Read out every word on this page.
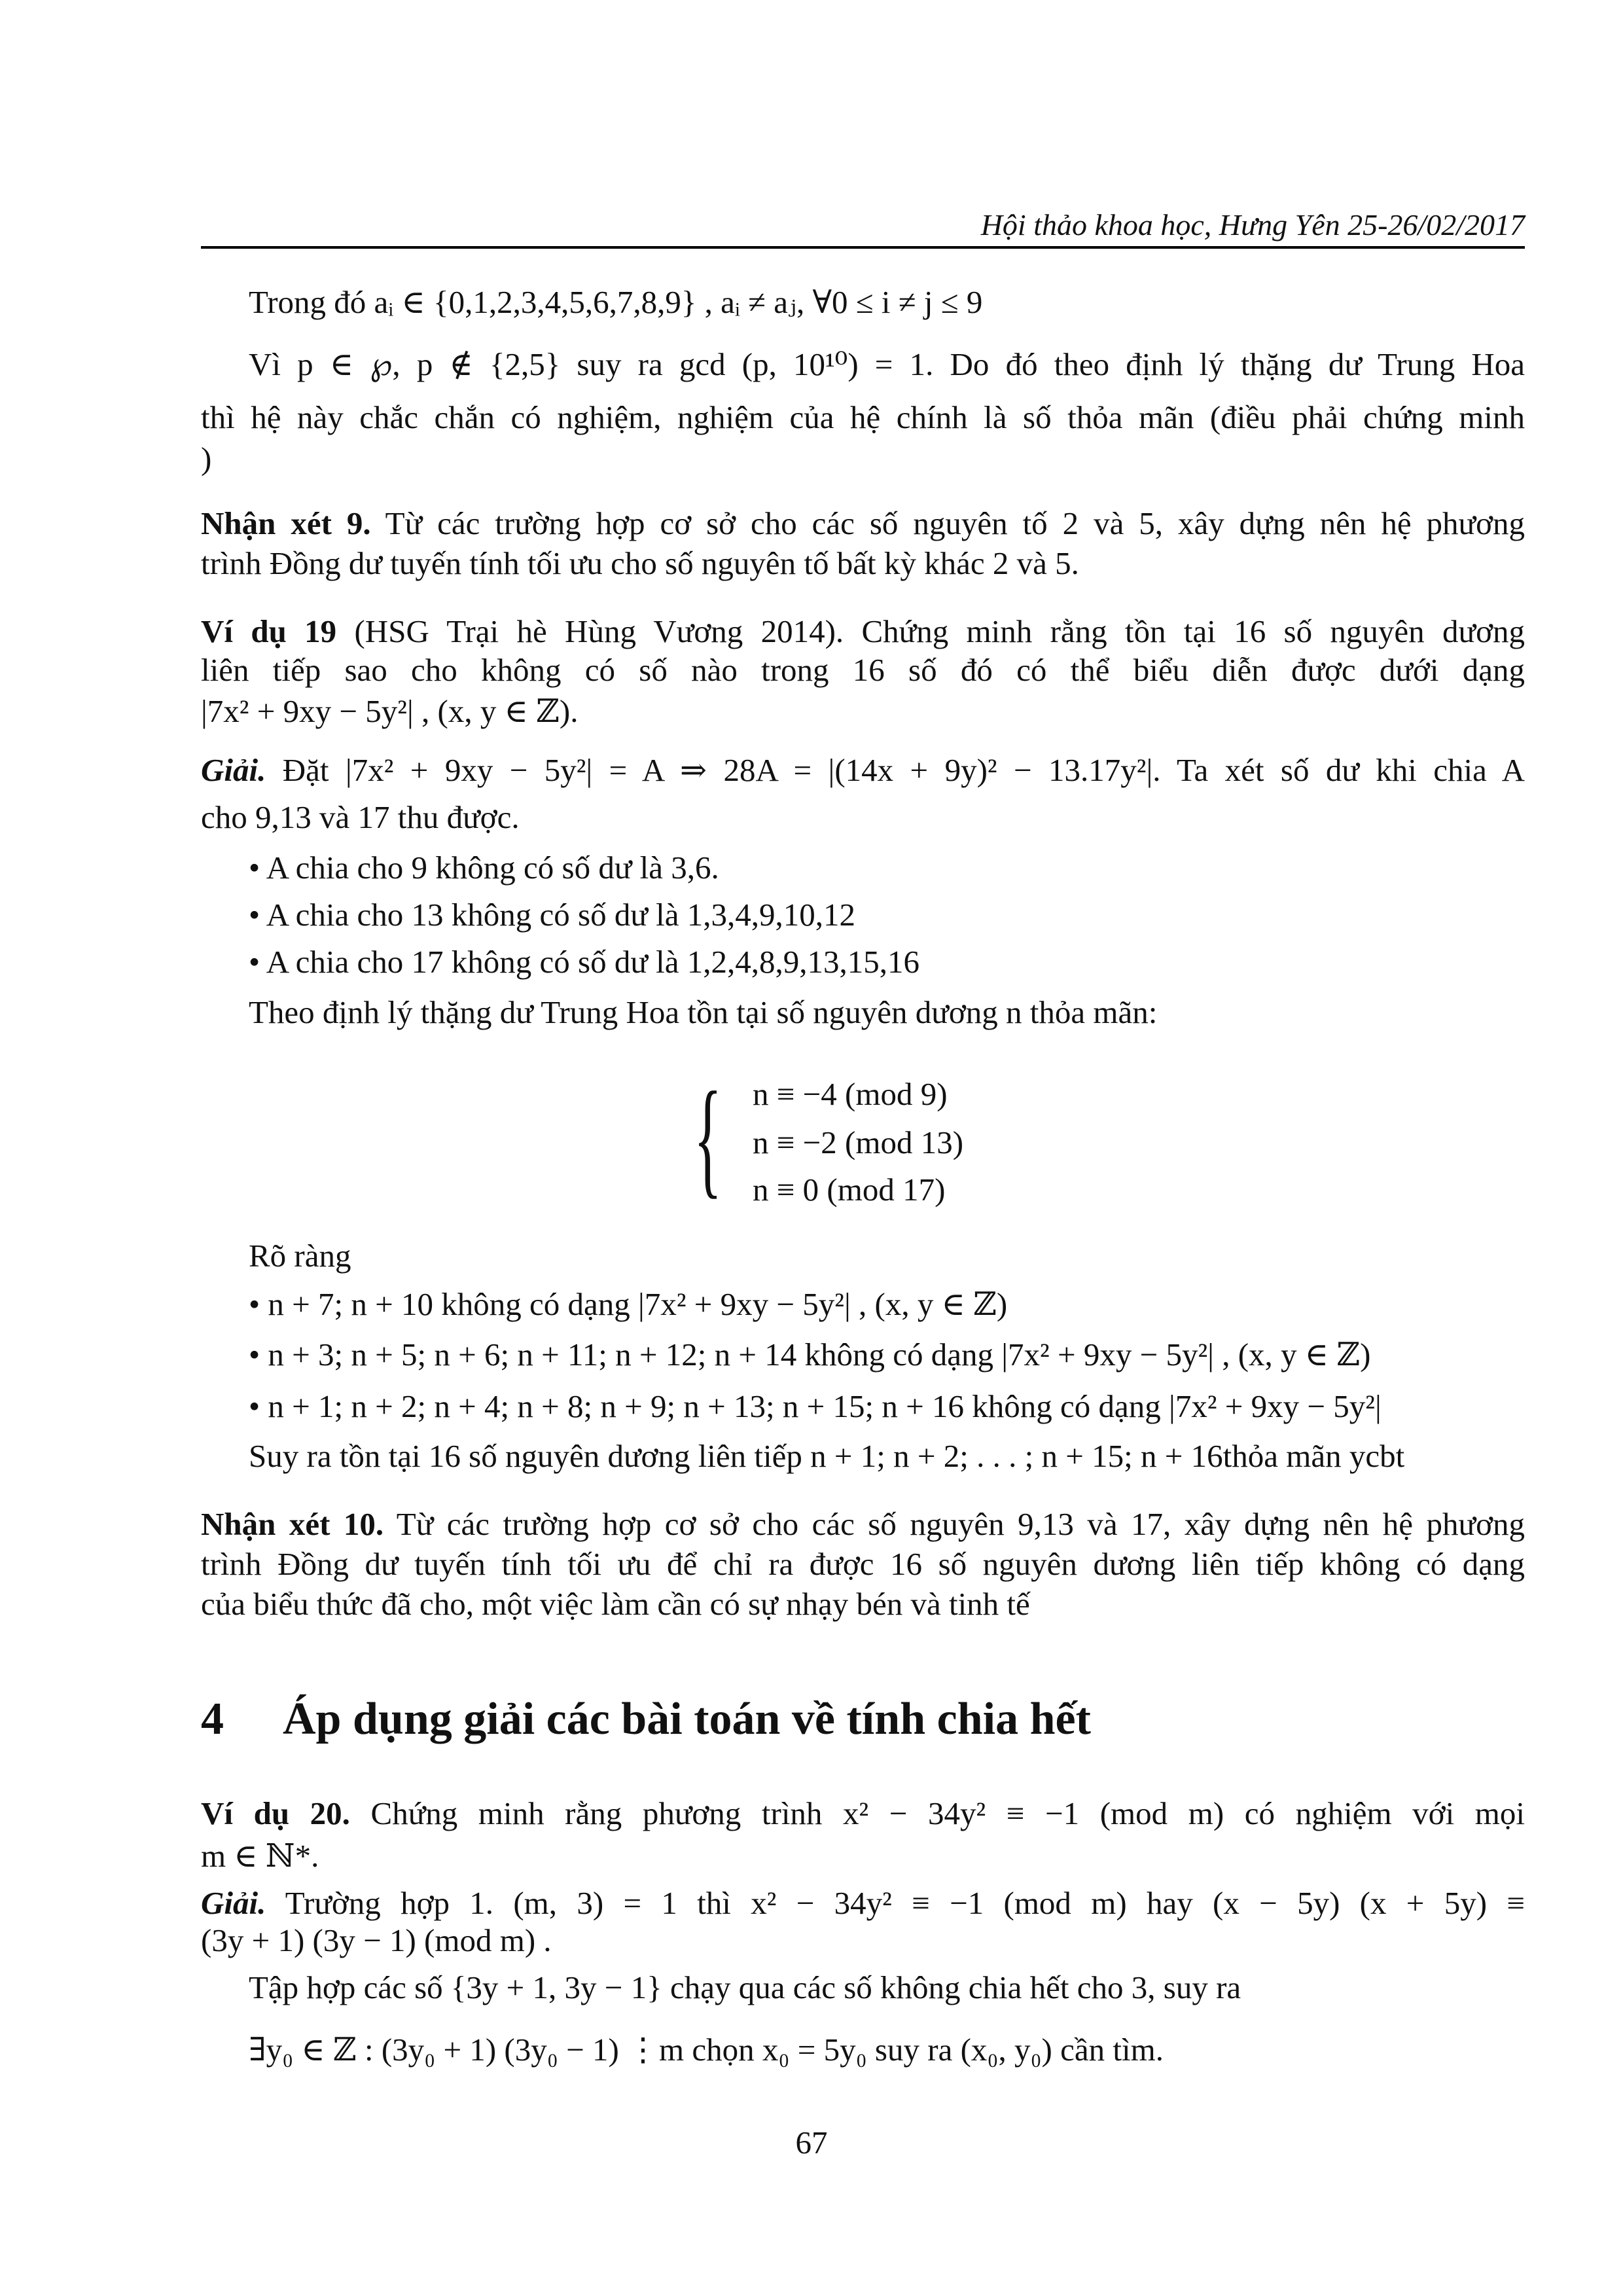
Hội thảo khoa học, Hưng Yên 25-26/02/2017
Trong đó aᵢ ∈ {0,1,2,3,4,5,6,7,8,9} , aᵢ ≠ aⱼ, ∀0 ≤ i ≠ j ≤ 9
Vì p ∈ ℘, p ∉ {2,5} suy ra gcd (p, 10¹⁰) = 1. Do đó theo định lý thặng dư Trung Hoa
thì hệ này chắc chắn có nghiệm, nghiệm của hệ chính là số thỏa mãn (điều phải chứng minh
)
Nhận xét 9. Từ các trường hợp cơ sở cho các số nguyên tố 2 và 5, xây dựng nên hệ phương
trình Đồng dư tuyến tính tối ưu cho số nguyên tố bất kỳ khác 2 và 5.
Ví dụ 19 (HSG Trại hè Hùng Vương 2014). Chứng minh rằng tồn tại 16 số nguyên dương
liên tiếp sao cho không có số nào trong 16 số đó có thể biểu diễn được dưới dạng
|7x² + 9xy − 5y²| , (x, y ∈ ℤ).
Giải. Đặt |7x² + 9xy − 5y²| = A ⇒ 28A = |(14x + 9y)² − 13.17y²|. Ta xét số dư khi chia A
cho 9,13 và 17 thu được.
• A chia cho 9 không có số dư là 3,6.
• A chia cho 13 không có số dư là 1,3,4,9,10,12
• A chia cho 17 không có số dư là 1,2,4,8,9,13,15,16
Theo định lý thặng dư Trung Hoa tồn tại số nguyên dương n thỏa mãn:
{ n ≡ −4 (mod 9)
n ≡ −2 (mod 13)
n ≡ 0 (mod 17)
Rõ ràng
• n + 7; n + 10 không có dạng |7x² + 9xy − 5y²| , (x, y ∈ ℤ)
• n + 3; n + 5; n + 6; n + 11; n + 12; n + 14 không có dạng |7x² + 9xy − 5y²| , (x, y ∈ ℤ)
• n + 1; n + 2; n + 4; n + 8; n + 9; n + 13; n + 15; n + 16 không có dạng |7x² + 9xy − 5y²|
Suy ra tồn tại 16 số nguyên dương liên tiếp n + 1; n + 2; . . . ; n + 15; n + 16thỏa mãn ycbt
Nhận xét 10. Từ các trường hợp cơ sở cho các số nguyên 9,13 và 17, xây dựng nên hệ phương
trình Đồng dư tuyến tính tối ưu để chỉ ra được 16 số nguyên dương liên tiếp không có dạng
của biểu thức đã cho, một việc làm cần có sự nhạy bén và tinh tế
4 Áp dụng giải các bài toán về tính chia hết
Ví dụ 20. Chứng minh rằng phương trình x² − 34y² ≡ −1 (mod m) có nghiệm với mọi
m ∈ ℕ*.
Giải. Trường hợp 1. (m, 3) = 1 thì x² − 34y² ≡ −1 (mod m) hay (x − 5y) (x + 5y) ≡
(3y + 1) (3y − 1) (mod m) .
Tập hợp các số {3y + 1, 3y − 1} chạy qua các số không chia hết cho 3, suy ra
∃y₀ ∈ ℤ : (3y₀ + 1) (3y₀ − 1) ⋮m chọn x₀ = 5y₀ suy ra (x₀, y₀) cần tìm.
67
